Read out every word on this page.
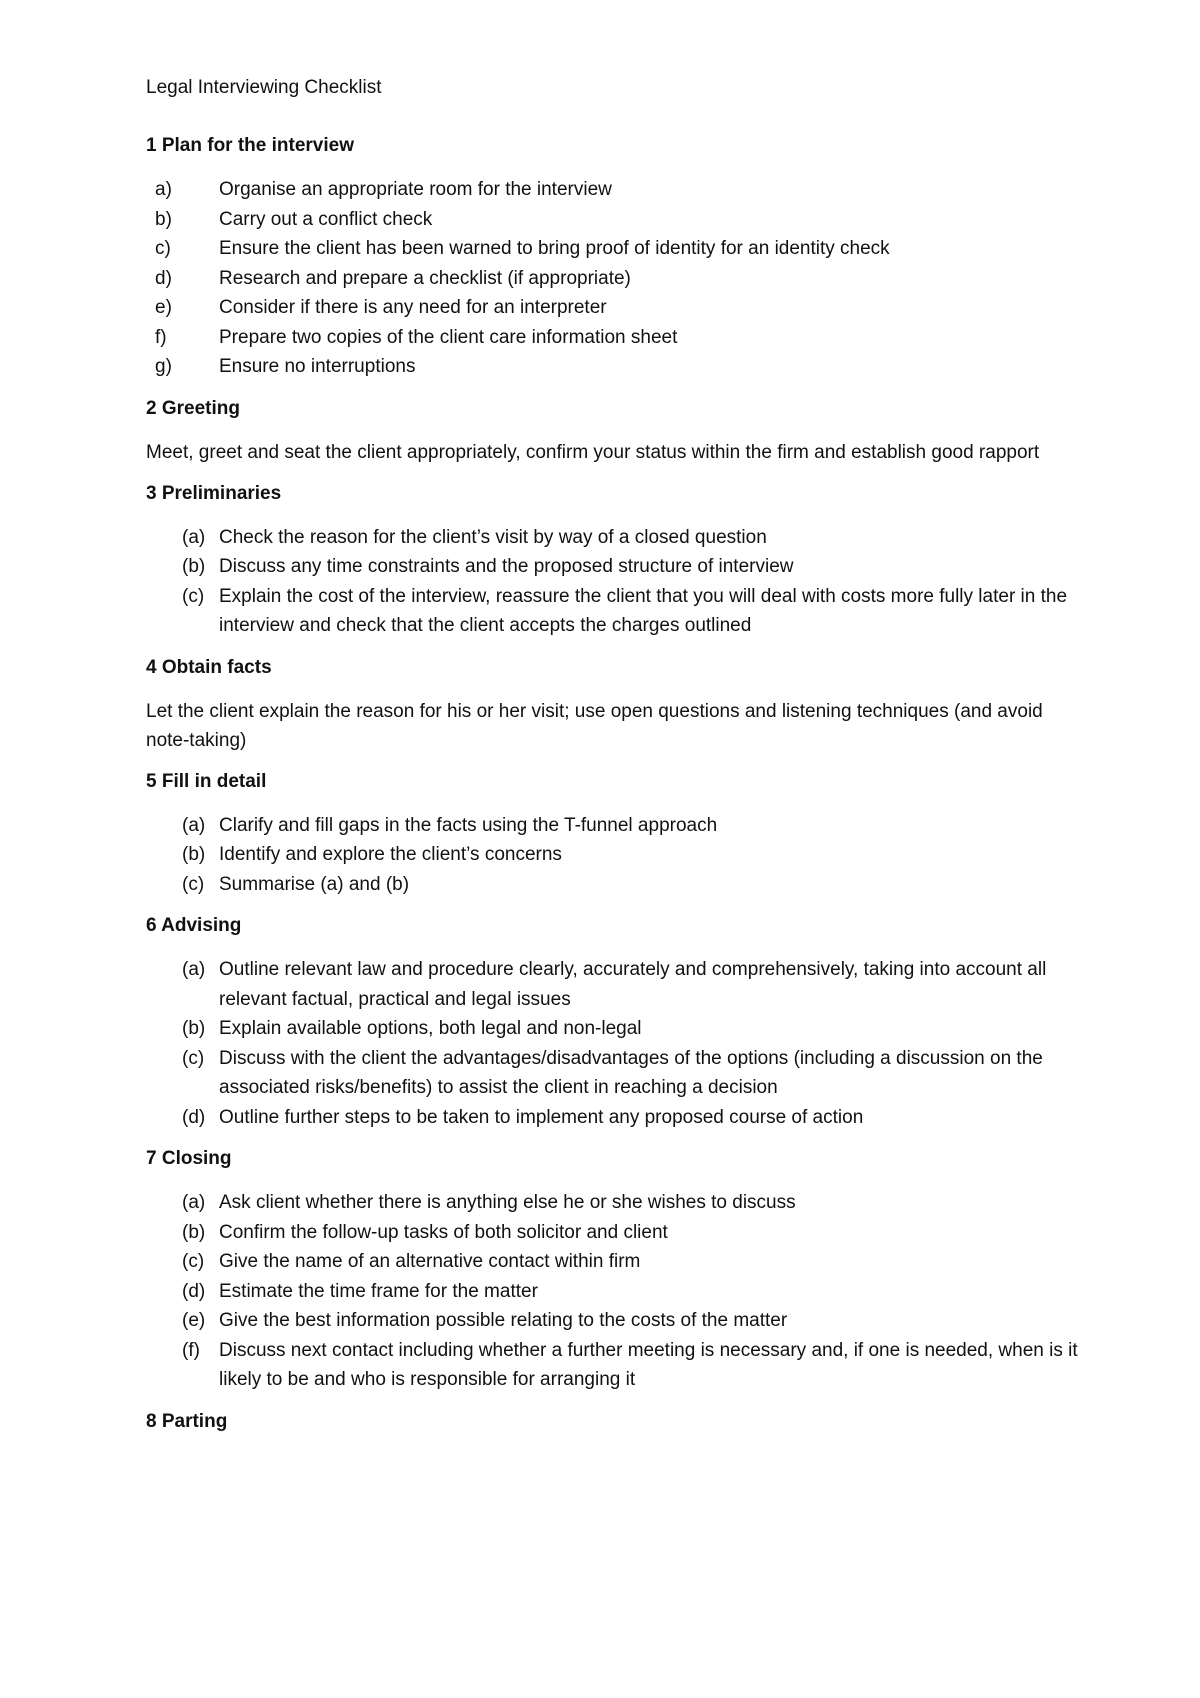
Legal Interviewing Checklist
1 Plan for the interview
a)	Organise an appropriate room for the interview
b)	Carry out a conflict check
c)	Ensure the client has been warned to bring proof of identity for an identity check
d)	Research and prepare a checklist (if appropriate)
e)	Consider if there is any need for an interpreter
f)	Prepare two copies of the client care information sheet
g)	Ensure no interruptions
2 Greeting
Meet, greet and seat the client appropriately, confirm your status within the firm and establish good rapport
3 Preliminaries
(a) Check the reason for the client’s visit by way of a closed question
(b) Discuss any time constraints and the proposed structure of interview
(c) Explain the cost of the interview, reassure the client that you will deal with costs more fully later in the interview and check that the client accepts the charges outlined
4 Obtain facts
Let the client explain the reason for his or her visit; use open questions and listening techniques (and avoid note-taking)
5 Fill in detail
(a) Clarify and fill gaps in the facts using the T-funnel approach
(b) Identify and explore the client’s concerns
(c) Summarise (a) and (b)
6 Advising
(a) Outline relevant law and procedure clearly, accurately and comprehensively, taking into account all relevant factual, practical and legal issues
(b) Explain available options, both legal and non-legal
(c) Discuss with the client the advantages/disadvantages of the options (including a discussion on the associated risks/benefits) to assist the client in reaching a decision
(d) Outline further steps to be taken to implement any proposed course of action
7 Closing
(a) Ask client whether there is anything else he or she wishes to discuss
(b) Confirm the follow-up tasks of both solicitor and client
(c) Give the name of an alternative contact within firm
(d) Estimate the time frame for the matter
(e) Give the best information possible relating to the costs of the matter
(f)	Discuss next contact including whether a further meeting is necessary and, if one is needed, when is it likely to be and who is responsible for arranging it
8 Parting
